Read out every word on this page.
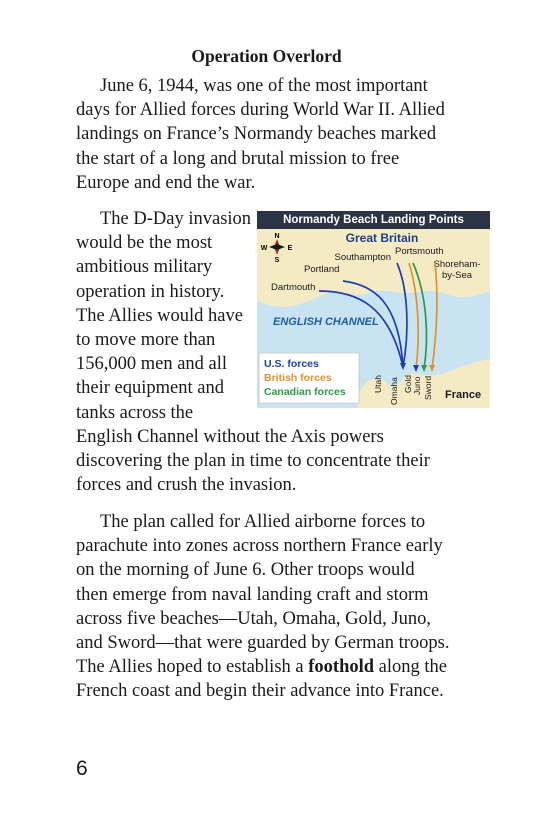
Operation Overlord

June 6, 1944, was one of the most important
days for Allied forces during World War II. Allied
landings on France’s Normandy beaches marked
the start of a long and brutal mission to free
Europe and end the war.

The D-Day invasion
would be the most
ambitious military
operation in history.
The Allies would have
to move more than
156,000 men and all
their equipment and
tanks across the
English Channel without the Axis powers
discovering the plan in time to concentrate their
forces and crush the invasion.

The plan called for Allied airborne forces to
parachute into zones across northern France early
on the morning of June 6. Other troops would
then emerge from naval landing craft and storm
across five beaches—Utah, Omaha, Gold, Juno,
and Sword—that were guarded by German troops.
The Allies hoped to establish a foothold along the
French coast and begin their advance into France.

Normandy Beach Landing Points
N
S
E
W
Great Britain
Southampton
Portsmouth
Shoreham-
by-Sea
Portland
Dartmouth
ENGLISH CHANNEL
Utah Omaha Gold Juno Sword France
U.S. forces
British forces
Canadian forces
6
